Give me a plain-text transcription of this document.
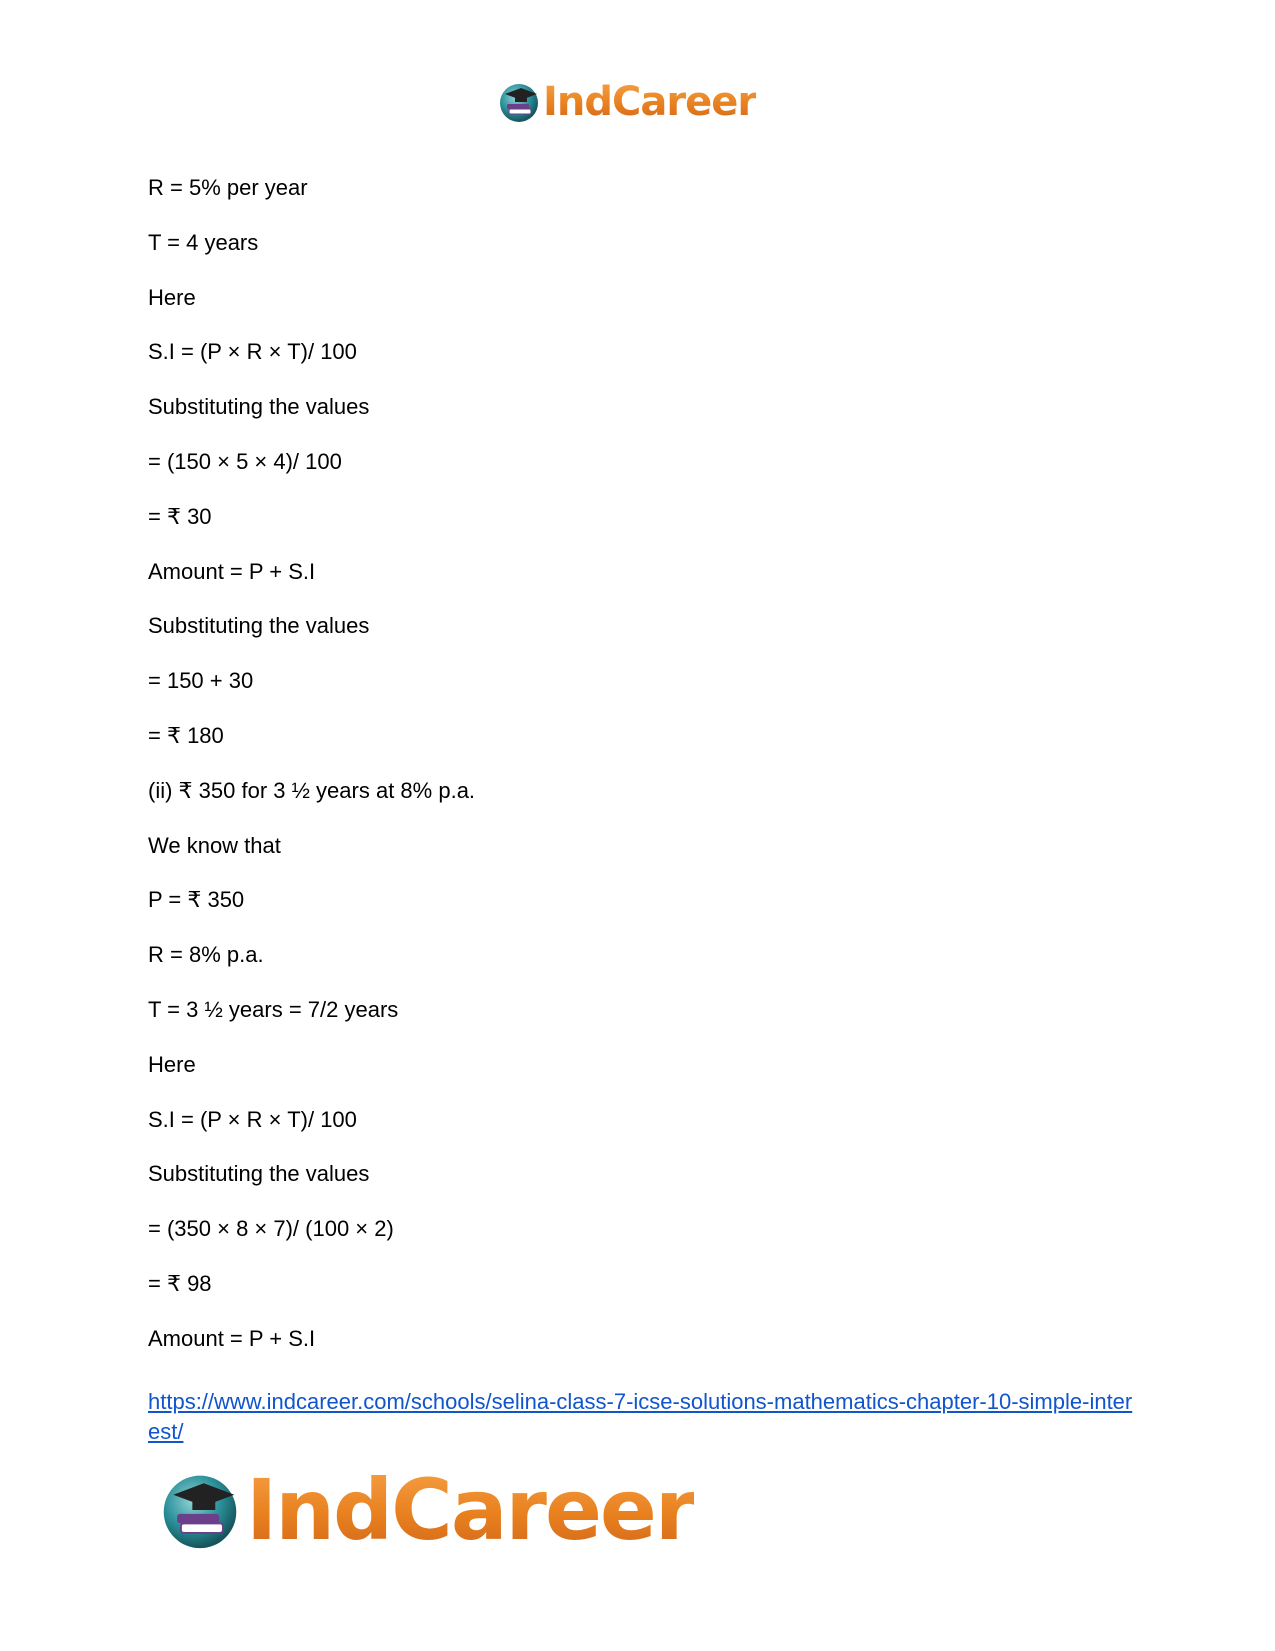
IndCareer
R = 5% per year
T = 4 years
Here
S.I = (P × R × T)/ 100
Substituting the values
= (150 × 5 × 4)/ 100
= ₹ 30
Amount = P + S.I
Substituting the values
= 150 + 30
= ₹ 180
(ii) ₹ 350 for 3 ½ years at 8% p.a.
We know that
P = ₹ 350
R = 8% p.a.
T = 3 ½ years = 7/2 years
Here
S.I = (P × R × T)/ 100
Substituting the values
= (350 × 8 × 7)/ (100 × 2)
= ₹ 98
Amount = P + S.I
https://www.indcareer.com/schools/selina-class-7-icse-solutions-mathematics-chapter-10-simple-interest/
IndCareer
